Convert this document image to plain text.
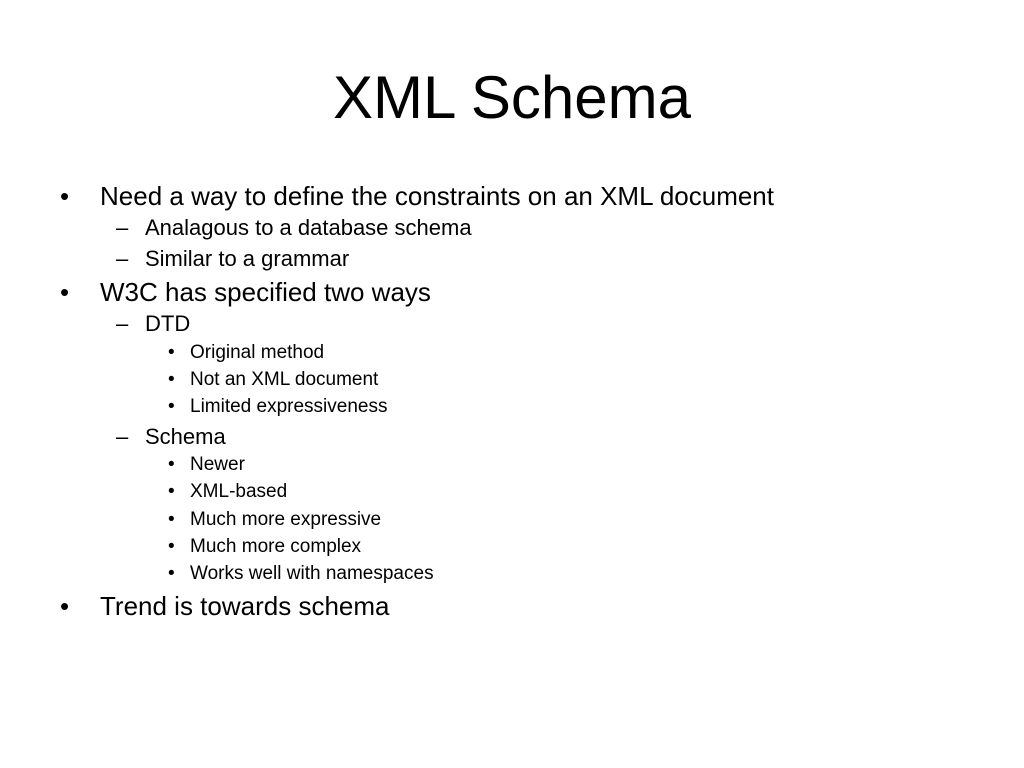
XML Schema
• Need a way to define the constraints on an XML document
– Analagous to a database schema
– Similar to a grammar
• W3C has specified two ways
– DTD
• Original method
• Not an XML document
• Limited expressiveness
– Schema
• Newer
• XML-based
• Much more expressive
• Much more complex
• Works well with namespaces
• Trend is towards schema
